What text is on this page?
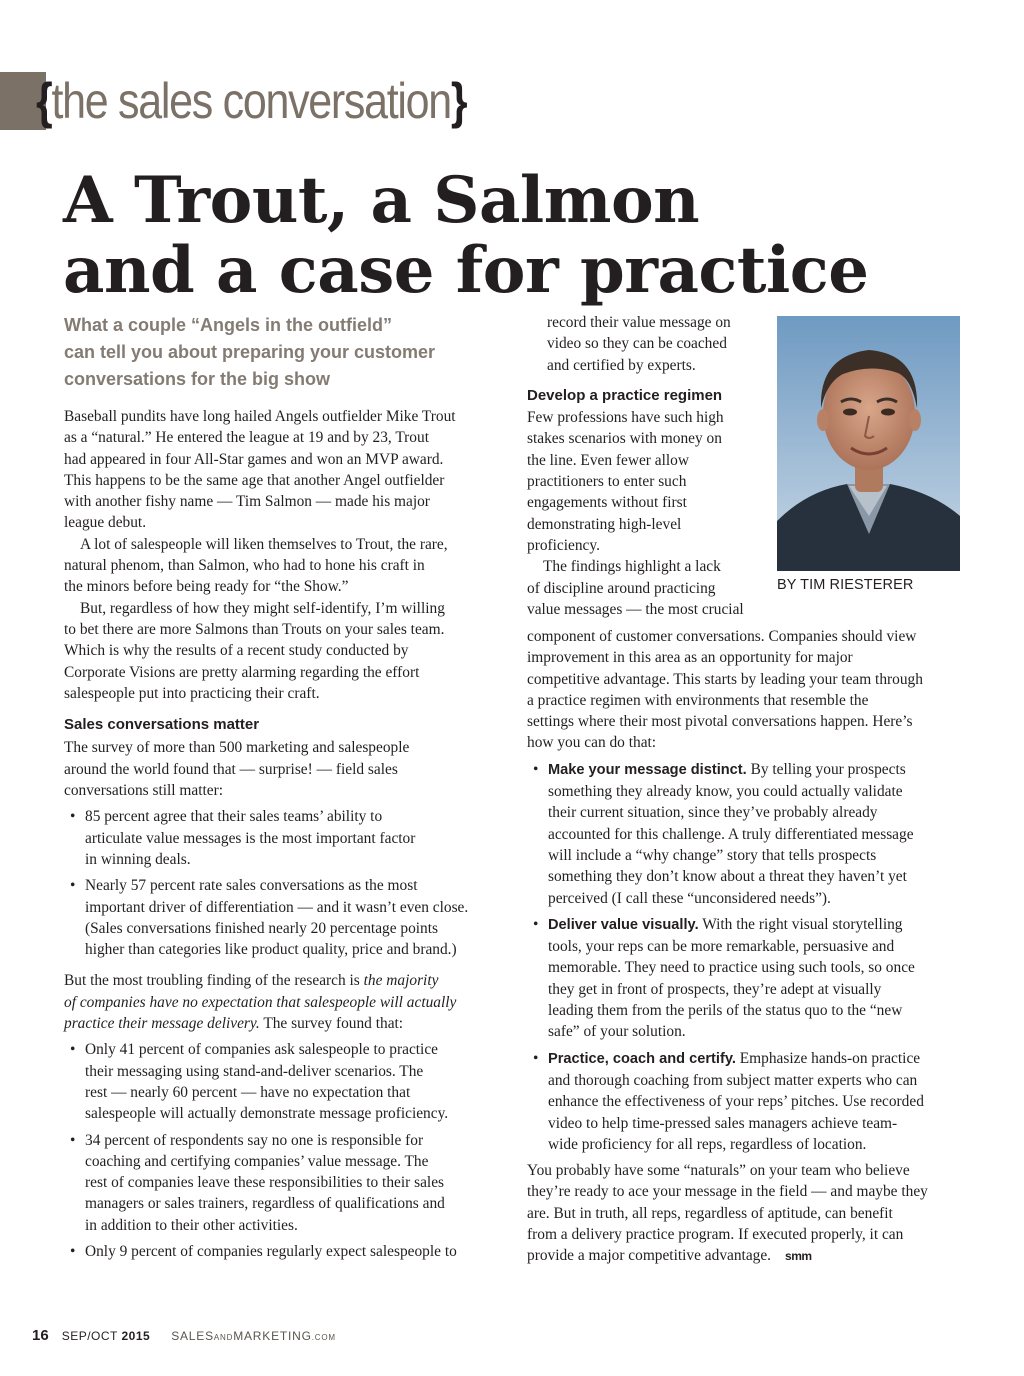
{the sales conversation}
A Trout, a Salmon
and a case for practice
What a couple “Angels in the outfield”
can tell you about preparing your customer
conversations for the big show

Baseball pundits have long hailed Angels outfielder Mike Trout
as a “natural.” He entered the league at 19 and by 23, Trout
had appeared in four All-Star games and won an MVP award.
This happens to be the same age that another Angel outfielder
with another fishy name — Tim Salmon — made his major
league debut.

A lot of salespeople will liken themselves to Trout, the rare,
natural phenom, than Salmon, who had to hone his craft in
the minors before being ready for “the Show.”

But, regardless of how they might self-identify, I’m willing
to bet there are more Salmons than Trouts on your sales team.
Which is why the results of a recent study conducted by
Corporate Visions are pretty alarming regarding the effort
salespeople put into practicing their craft.

Sales conversations matter

The survey of more than 500 marketing and salespeople
around the world found that — surprise! — field sales
conversations still matter:

• 85 percent agree that their sales teams’ ability to
articulate value messages is the most important factor
in winning deals.
• Nearly 57 percent rate sales conversations as the most
important driver of differentiation — and it wasn’t even close.
(Sales conversations finished nearly 20 percentage points
higher than categories like product quality, price and brand.)

But the most troubling finding of the research is the majority
of companies have no expectation that salespeople will actually
practice their message delivery. The survey found that:

• Only 41 percent of companies ask salespeople to practice
their messaging using stand-and-deliver scenarios. The
rest — nearly 60 percent — have no expectation that
salespeople will actually demonstrate message proficiency.
• 34 percent of respondents say no one is responsible for
coaching and certifying companies’ value message. The
rest of companies leave these responsibilities to their sales
managers or sales trainers, regardless of qualifications and
in addition to their other activities.
• Only 9 percent of companies regularly expect salespeople to

record their value message on
video so they can be coached
and certified by experts.

Develop a practice regimen

Few professions have such high
stakes scenarios with money on
the line. Even fewer allow
practitioners to enter such
engagements without first
demonstrating high-level
proficiency.

The findings highlight a lack
of discipline around practicing
value messages — the most crucial

BY TIM RIESTERER

component of customer conversations. Companies should view
improvement in this area as an opportunity for major
competitive advantage. This starts by leading your team through
a practice regimen with environments that resemble the
settings where their most pivotal conversations happen. Here’s
how you can do that:

• Make your message distinct. By telling your prospects
something they already know, you could actually validate
their current situation, since they’ve probably already
accounted for this challenge. A truly differentiated message
will include a “why change” story that tells prospects
something they don’t know about a threat they haven’t yet
perceived (I call these “unconsidered needs”).
• Deliver value visually. With the right visual storytelling
tools, your reps can be more remarkable, persuasive and
memorable. They need to practice using such tools, so once
they get in front of prospects, they’re adept at visually
leading them from the perils of the status quo to the “new
safe” of your solution.
• Practice, coach and certify. Emphasize hands-on practice
and thorough coaching from subject matter experts who can
enhance the effectiveness of your reps’ pitches. Use recorded
video to help time-pressed sales managers achieve team-
wide proficiency for all reps, regardless of location.

You probably have some “naturals” on your team who believe
they’re ready to ace your message in the field — and maybe they
are. But in truth, all reps, regardless of aptitude, can benefit
from a delivery practice program. If executed properly, it can
provide a major competitive advantage. smm

16 SEP/OCT 2015 SALESANDMARKETING.COM
